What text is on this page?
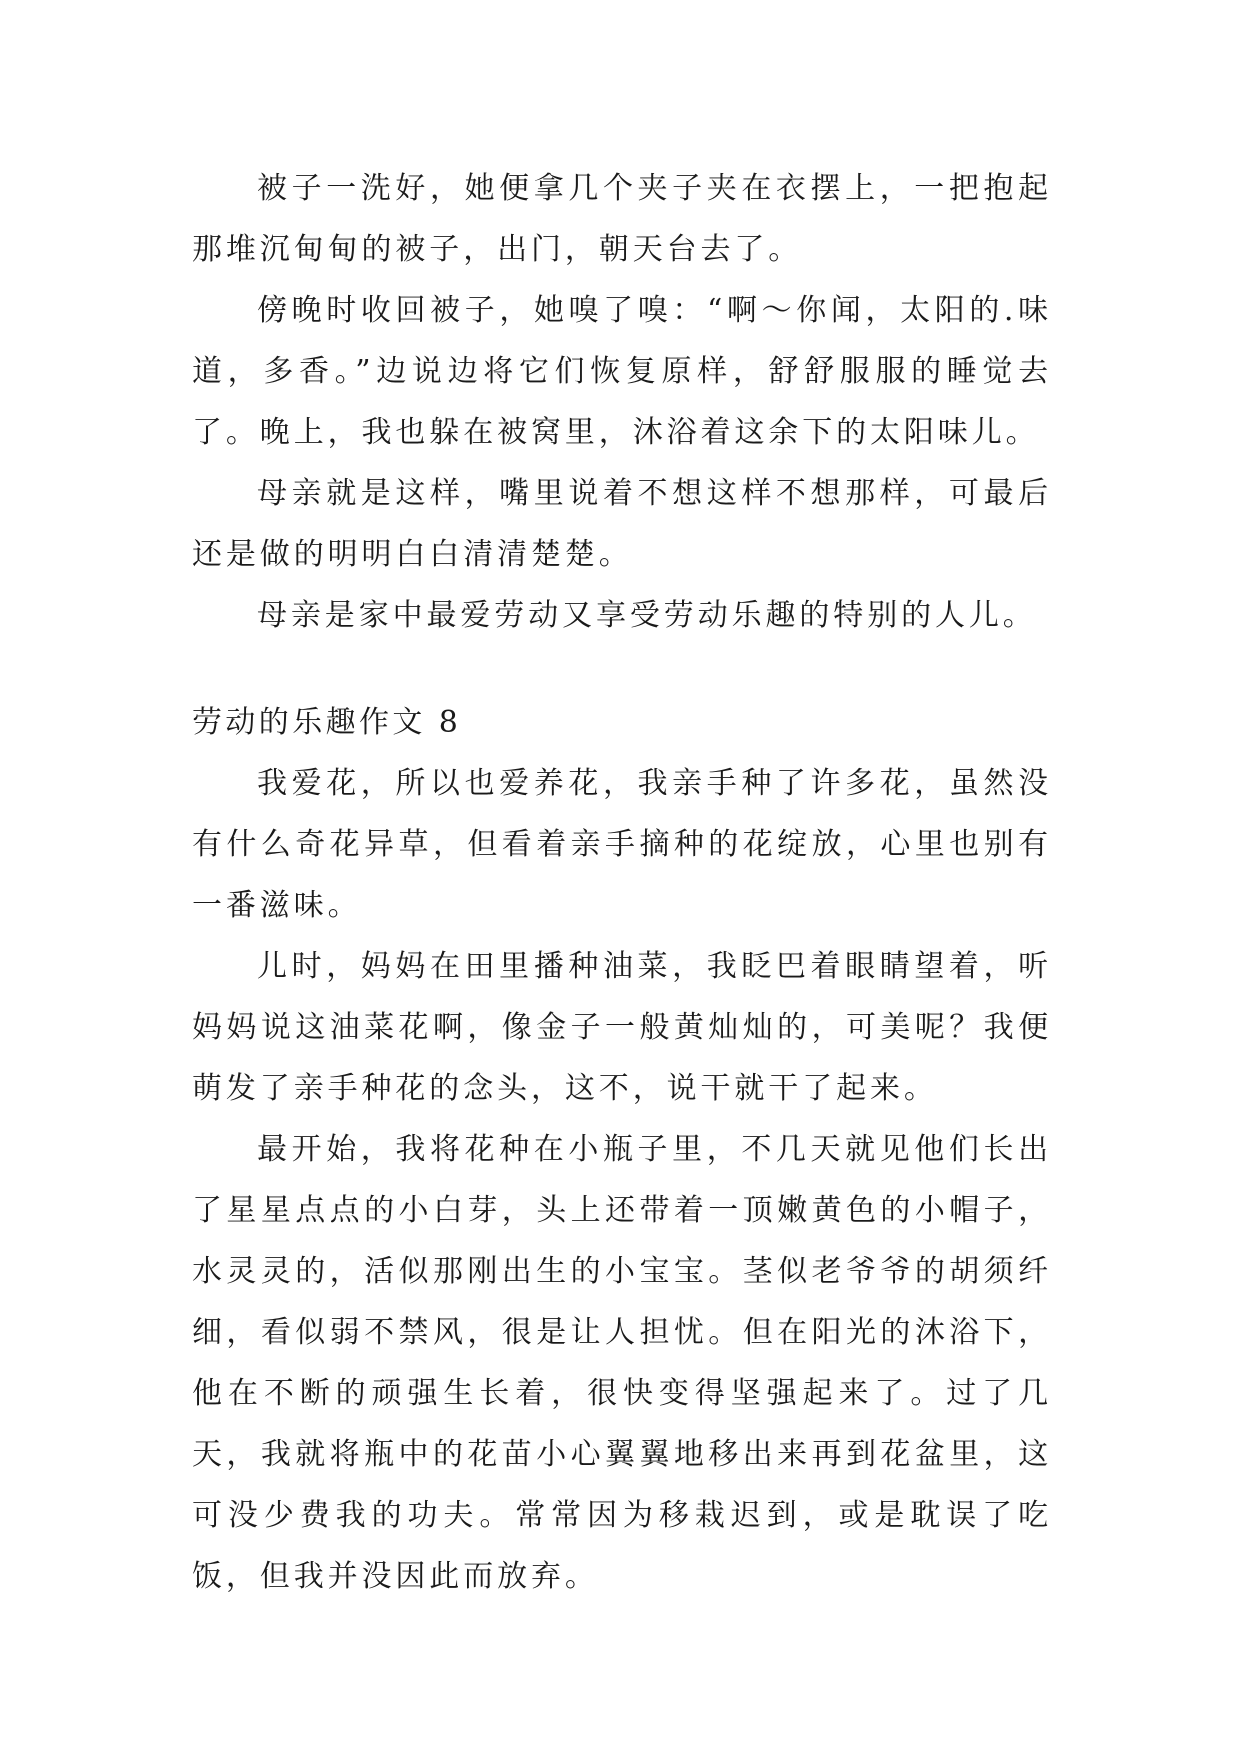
被子一洗好，她便拿几个夹子夹在衣摆上，一把抱起那堆沉甸甸的被子，出门，朝天台去了。

傍晚时收回被子，她嗅了嗅：“啊～你闻，太阳的.味道，多香。”边说边将它们恢复原样，舒舒服服的睡觉去了。晚上，我也躲在被窝里，沐浴着这余下的太阳味儿。

母亲就是这样，嘴里说着不想这样不想那样，可最后还是做的明明白白清清楚楚。

母亲是家中最爱劳动又享受劳动乐趣的特别的人儿。

劳动的乐趣作文 8

我爱花，所以也爱养花，我亲手种了许多花，虽然没有什么奇花异草，但看着亲手摘种的花绽放，心里也别有一番滋味。

儿时，妈妈在田里播种油菜，我眨巴着眼睛望着，听妈妈说这油菜花啊，像金子一般黄灿灿的，可美呢？我便萌发了亲手种花的念头，这不，说干就干了起来。

最开始，我将花种在小瓶子里，不几天就见他们长出了星星点点的小白芽，头上还带着一顶嫩黄色的小帽子，水灵灵的，活似那刚出生的小宝宝。茎似老爷爷的胡须纤细，看似弱不禁风，很是让人担忧。但在阳光的沐浴下，他在不断的顽强生长着，很快变得坚强起来了。过了几天，我就将瓶中的花苗小心翼翼地移出来再到花盆里，这可没少费我的功夫。常常因为移栽迟到，或是耽误了吃饭，但我并没因此而放弃。
